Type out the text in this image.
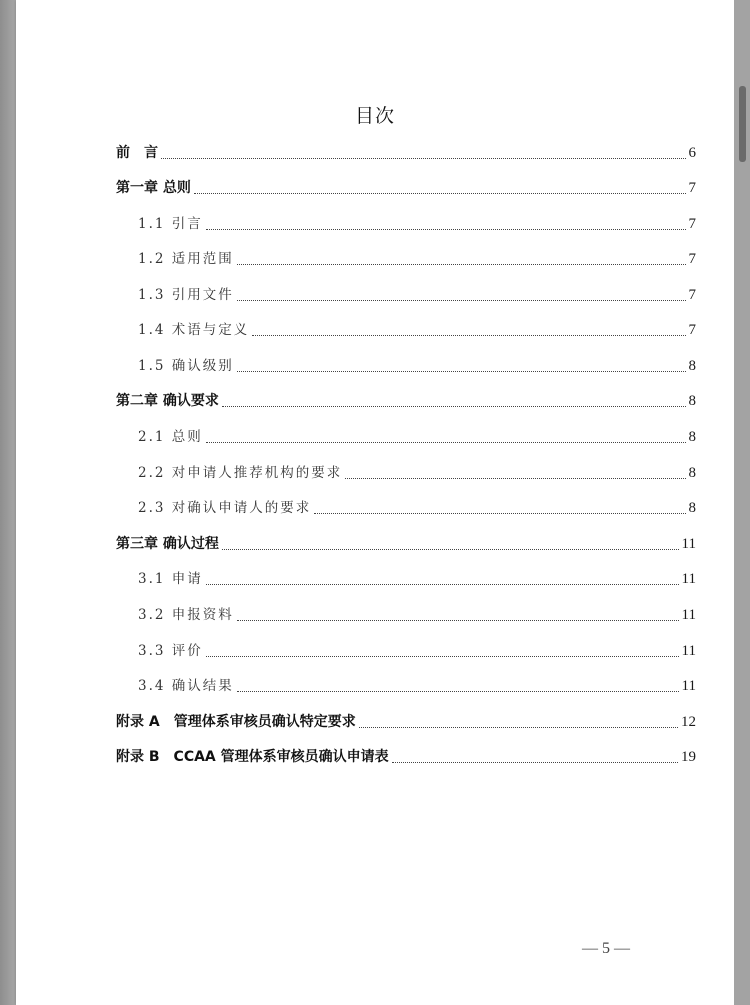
目次
前　言	6
第一章 总则	7
1.1 引言	7
1.2 适用范围	7
1.3 引用文件	7
1.4 术语与定义	7
1.5 确认级别	8
第二章 确认要求	8
2.1 总则	8
2.2 对申请人推荐机构的要求	8
2.3 对确认申请人的要求	8
第三章 确认过程	11
3.1 申请	11
3.2 申报资料	11
3.3 评价	11
3.4 确认结果	11
附录 A　管理体系审核员确认特定要求	12
附录 B　CCAA 管理体系审核员确认申请表	19
— 5 —
